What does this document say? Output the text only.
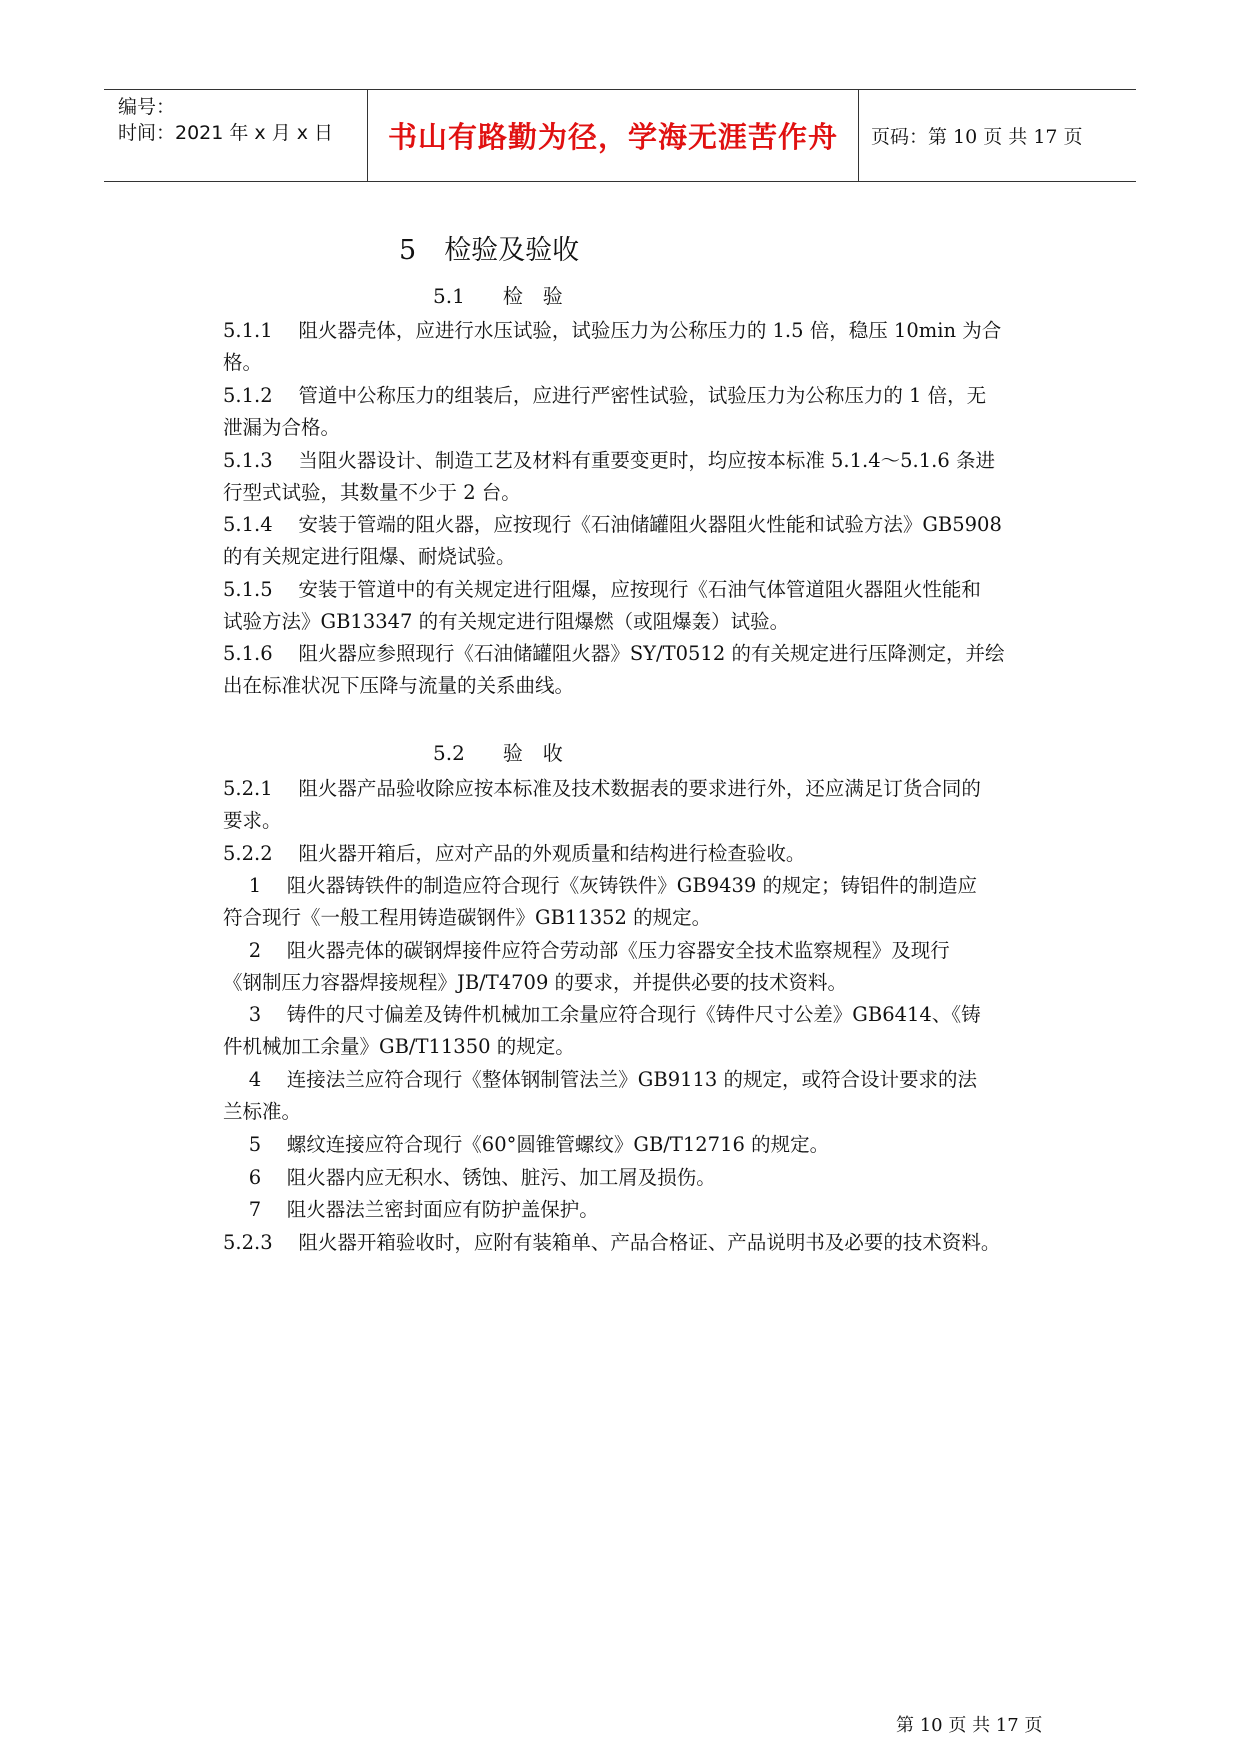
编号：
时间：2021 年 x 月 x 日	书山有路勤为径，学海无涯苦作舟	页码：第 10 页 共 17 页
5 检验及验收
5.1 检　验
5.1.1　 阻火器壳体，应进行水压试验，试验压力为公称压力的 1.5 倍，稳压 10min 为合
格。
5.1.2　 管道中公称压力的组装后，应进行严密性试验，试验压力为公称压力的 1 倍，无
泄漏为合格。
5.1.3　 当阻火器设计、制造工艺及材料有重要变更时，均应按本标准 5.1.4～5.1.6 条进
行型式试验，其数量不少于 2 台。
5.1.4　 安装于管端的阻火器，应按现行《石油储罐阻火器阻火性能和试验方法》GB5908
的有关规定进行阻爆、耐烧试验。
5.1.5　 安装于管道中的有关规定进行阻爆，应按现行《石油气体管道阻火器阻火性能和
试验方法》GB13347 的有关规定进行阻爆燃（或阻爆轰）试验。
5.1.6　 阻火器应参照现行《石油储罐阻火器》SY/T0512 的有关规定进行压降测定，并绘
出在标准状况下压降与流量的关系曲线。
5.2 验　收
5.2.1　 阻火器产品验收除应按本标准及技术数据表的要求进行外，还应满足订货合同的
要求。
5.2.2　 阻火器开箱后，应对产品的外观质量和结构进行检查验收。
　 1　 阻火器铸铁件的制造应符合现行《灰铸铁件》GB9439 的规定；铸铝件的制造应
符合现行《一般工程用铸造碳钢件》GB11352 的规定。
　 2　 阻火器壳体的碳钢焊接件应符合劳动部《压力容器安全技术监察规程》及现行
《钢制压力容器焊接规程》JB/T4709 的要求，并提供必要的技术资料。
　 3　 铸件的尺寸偏差及铸件机械加工余量应符合现行《铸件尺寸公差》GB6414、《铸
件机械加工余量》GB/T11350 的规定。
　 4　 连接法兰应符合现行《整体钢制管法兰》GB9113 的规定，或符合设计要求的法
兰标准。
　 5　 螺纹连接应符合现行《60°圆锥管螺纹》GB/T12716 的规定。
　 6　 阻火器内应无积水、锈蚀、脏污、加工屑及损伤。
　 7　 阻火器法兰密封面应有防护盖保护。
5.2.3　 阻火器开箱验收时，应附有装箱单、产品合格证、产品说明书及必要的技术资料。
第 10 页 共 17 页
